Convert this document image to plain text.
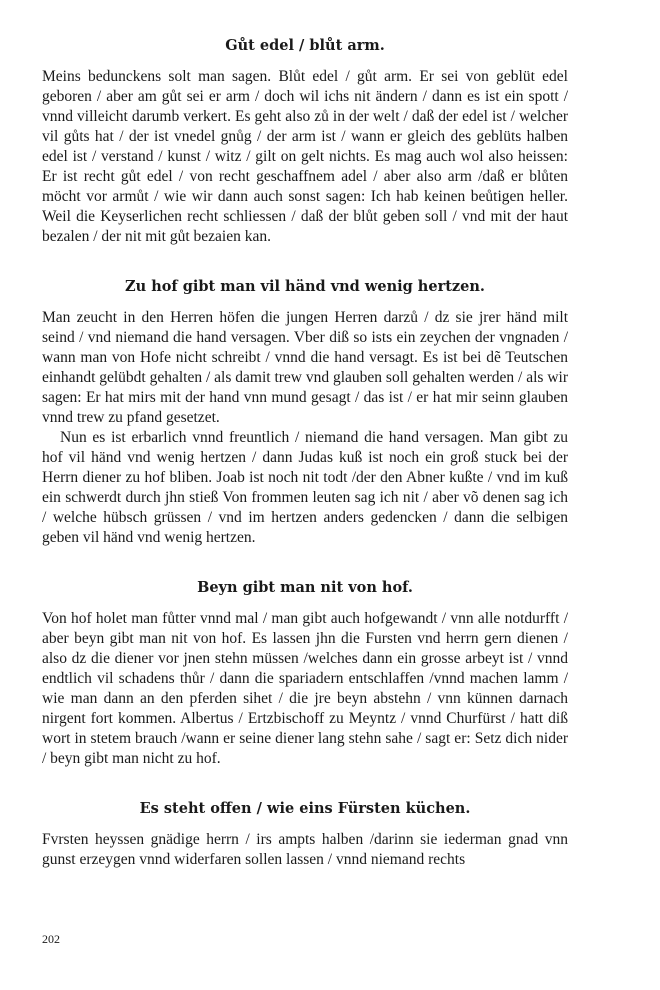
Gůt edel / blůt arm.

Meins bedunckens solt man sagen. Blůt edel / gůt arm. Er sei von geblüt edel geboren / aber am gůt sei er arm / doch wil ichs nit ändern / dann es ist ein spott / vnnd villeicht darumb verkert. Es geht also zů in der welt / daß der edel ist / welcher vil gůts hat / der ist vnedel gnůg / der arm ist / wann er gleich des geblüts halben edel ist / verstand / kunst / witz / gilt on gelt nichts. Es mag auch wol also heissen: Er ist recht gůt edel / von recht geschaffnem adel / aber also arm /daß er blůten möcht vor armůt / wie wir dann auch sonst sagen: Ich hab keinen beůtigen heller. Weil die Keyserlichen recht schliessen / daß der blůt geben soll / vnd mit der haut bezalen / der nit mit gůt bezaien kan.

Zu hof gibt man vil händ vnd wenig hertzen.

Man zeucht in den Herren höfen die jungen Herren darzů / dz sie jrer händ milt seind / vnd niemand die hand versagen. Vber diß so ists ein zeychen der vngnaden / wann man von Hofe nicht schreibt / vnnd die hand versagt. Es ist bei dẽ Teutschen einhandt gelübdt gehalten / als damit trew vnd glauben soll gehalten werden / als wir sagen: Er hat mirs mit der hand vnn mund gesagt / das ist / er hat mir seinn glauben vnnd trew zu pfand gesetzet.

Nun es ist erbarlich vnnd freuntlich / niemand die hand versagen. Man gibt zu hof vil händ vnd wenig hertzen / dann Judas kuß ist noch ein groß stuck bei der Herrn diener zu hof bliben. Joab ist noch nit todt /der den Abner kußte / vnd im kuß ein schwerdt durch jhn stieß Von frommen leuten sag ich nit / aber võ denen sag ich / welche hübsch grüssen / vnd im hertzen anders gedencken / dann die selbigen geben vil händ vnd wenig hertzen.

Beyn gibt man nit von hof.

Von hof holet man fůtter vnnd mal / man gibt auch hofgewandt / vnn alle notdurfft / aber beyn gibt man nit von hof. Es lassen jhn die Fursten vnd herrn gern dienen / also dz die diener vor jnen stehn müssen /welches dann ein grosse arbeyt ist / vnnd endtlich vil schadens thůr / dann die spariadern entschlaffen /vnnd machen lamm / wie man dann an den pferden sihet / die jre beyn abstehn / vnn künnen darnach nirgent fort kommen. Albertus / Ertzbischoff zu Meyntz / vnnd Churfürst / hatt diß wort in stetem brauch /wann er seine diener lang stehn sahe / sagt er: Setz dich nider / beyn gibt man nicht zu hof.

Es steht offen / wie eins Fürsten küchen.

Fvrsten heyssen gnädige herrn / irs ampts halben /darinn sie iederman gnad vnn gunst erzeygen vnnd widerfaren sollen lassen / vnnd niemand rechts

202
